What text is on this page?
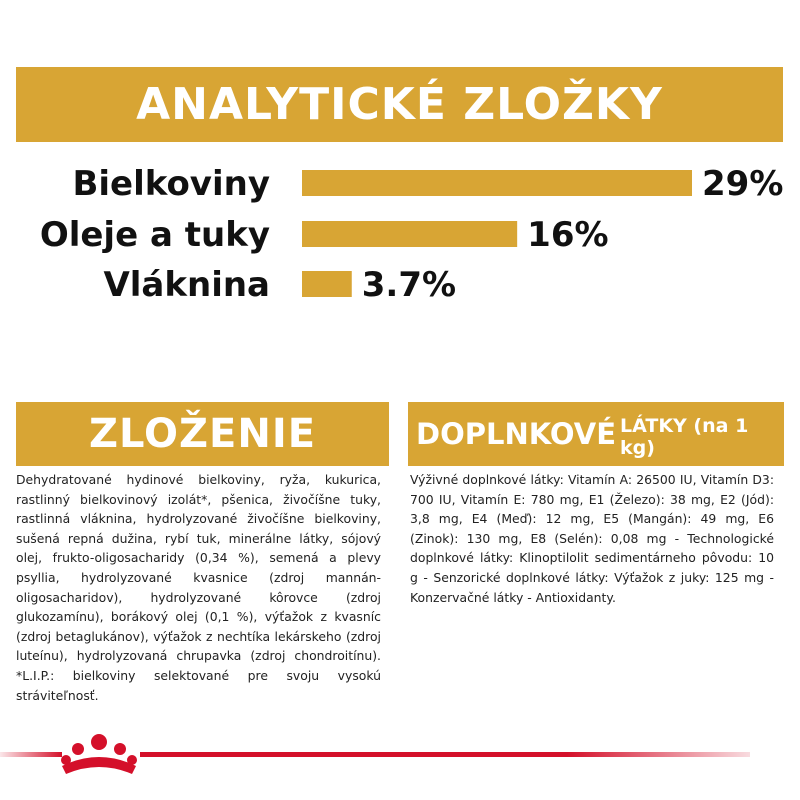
ANALYTICKÉ ZLOŽKY
Bielkoviny	29%
Oleje a tuky	16%
Vláknina	3.7%
ZLOŽENIE
Dehydratované hydinové bielkoviny, ryža, kukurica, rastlinný bielkovinový izolát*, pšenica, živočíšne tuky, rastlinná vláknina, hydrolyzované živočíšne bielkoviny, sušená repná dužina, rybí tuk, minerálne látky, sójový olej, frukto-oligosacharidy (0,34 %), semená a plevy psyllia, hydrolyzované kvasnice (zdroj mannán-oligosacharidov), hydrolyzované kôrovce (zdroj glukozamínu), borákový olej (0,1 %), výťažok z kvasníc (zdroj betaglukánov), výťažok z nechtíka lekárskeho (zdroj luteínu), hydrolyzovaná chrupavka (zdroj chondroitínu). *L.I.P.: bielkoviny selektované pre svoju vysokú stráviteľnosť.
DOPLNKOVÉ LÁTKY (na 1 kg)
Výživné doplnkové látky: Vitamín A: 26500 IU, Vitamín D3: 700 IU, Vitamín E: 780 mg, E1 (Železo): 38 mg, E2 (Jód): 3,8 mg, E4 (Meď): 12 mg, E5 (Mangán): 49 mg, E6 (Zinok): 130 mg, E8 (Selén): 0,08 mg - Technologické doplnkové látky: Klinoptilolit sedimentárneho pôvodu: 10 g - Senzorické doplnkové látky: Výťažok z juky: 125 mg - Konzervačné látky - Antioxidanty.
